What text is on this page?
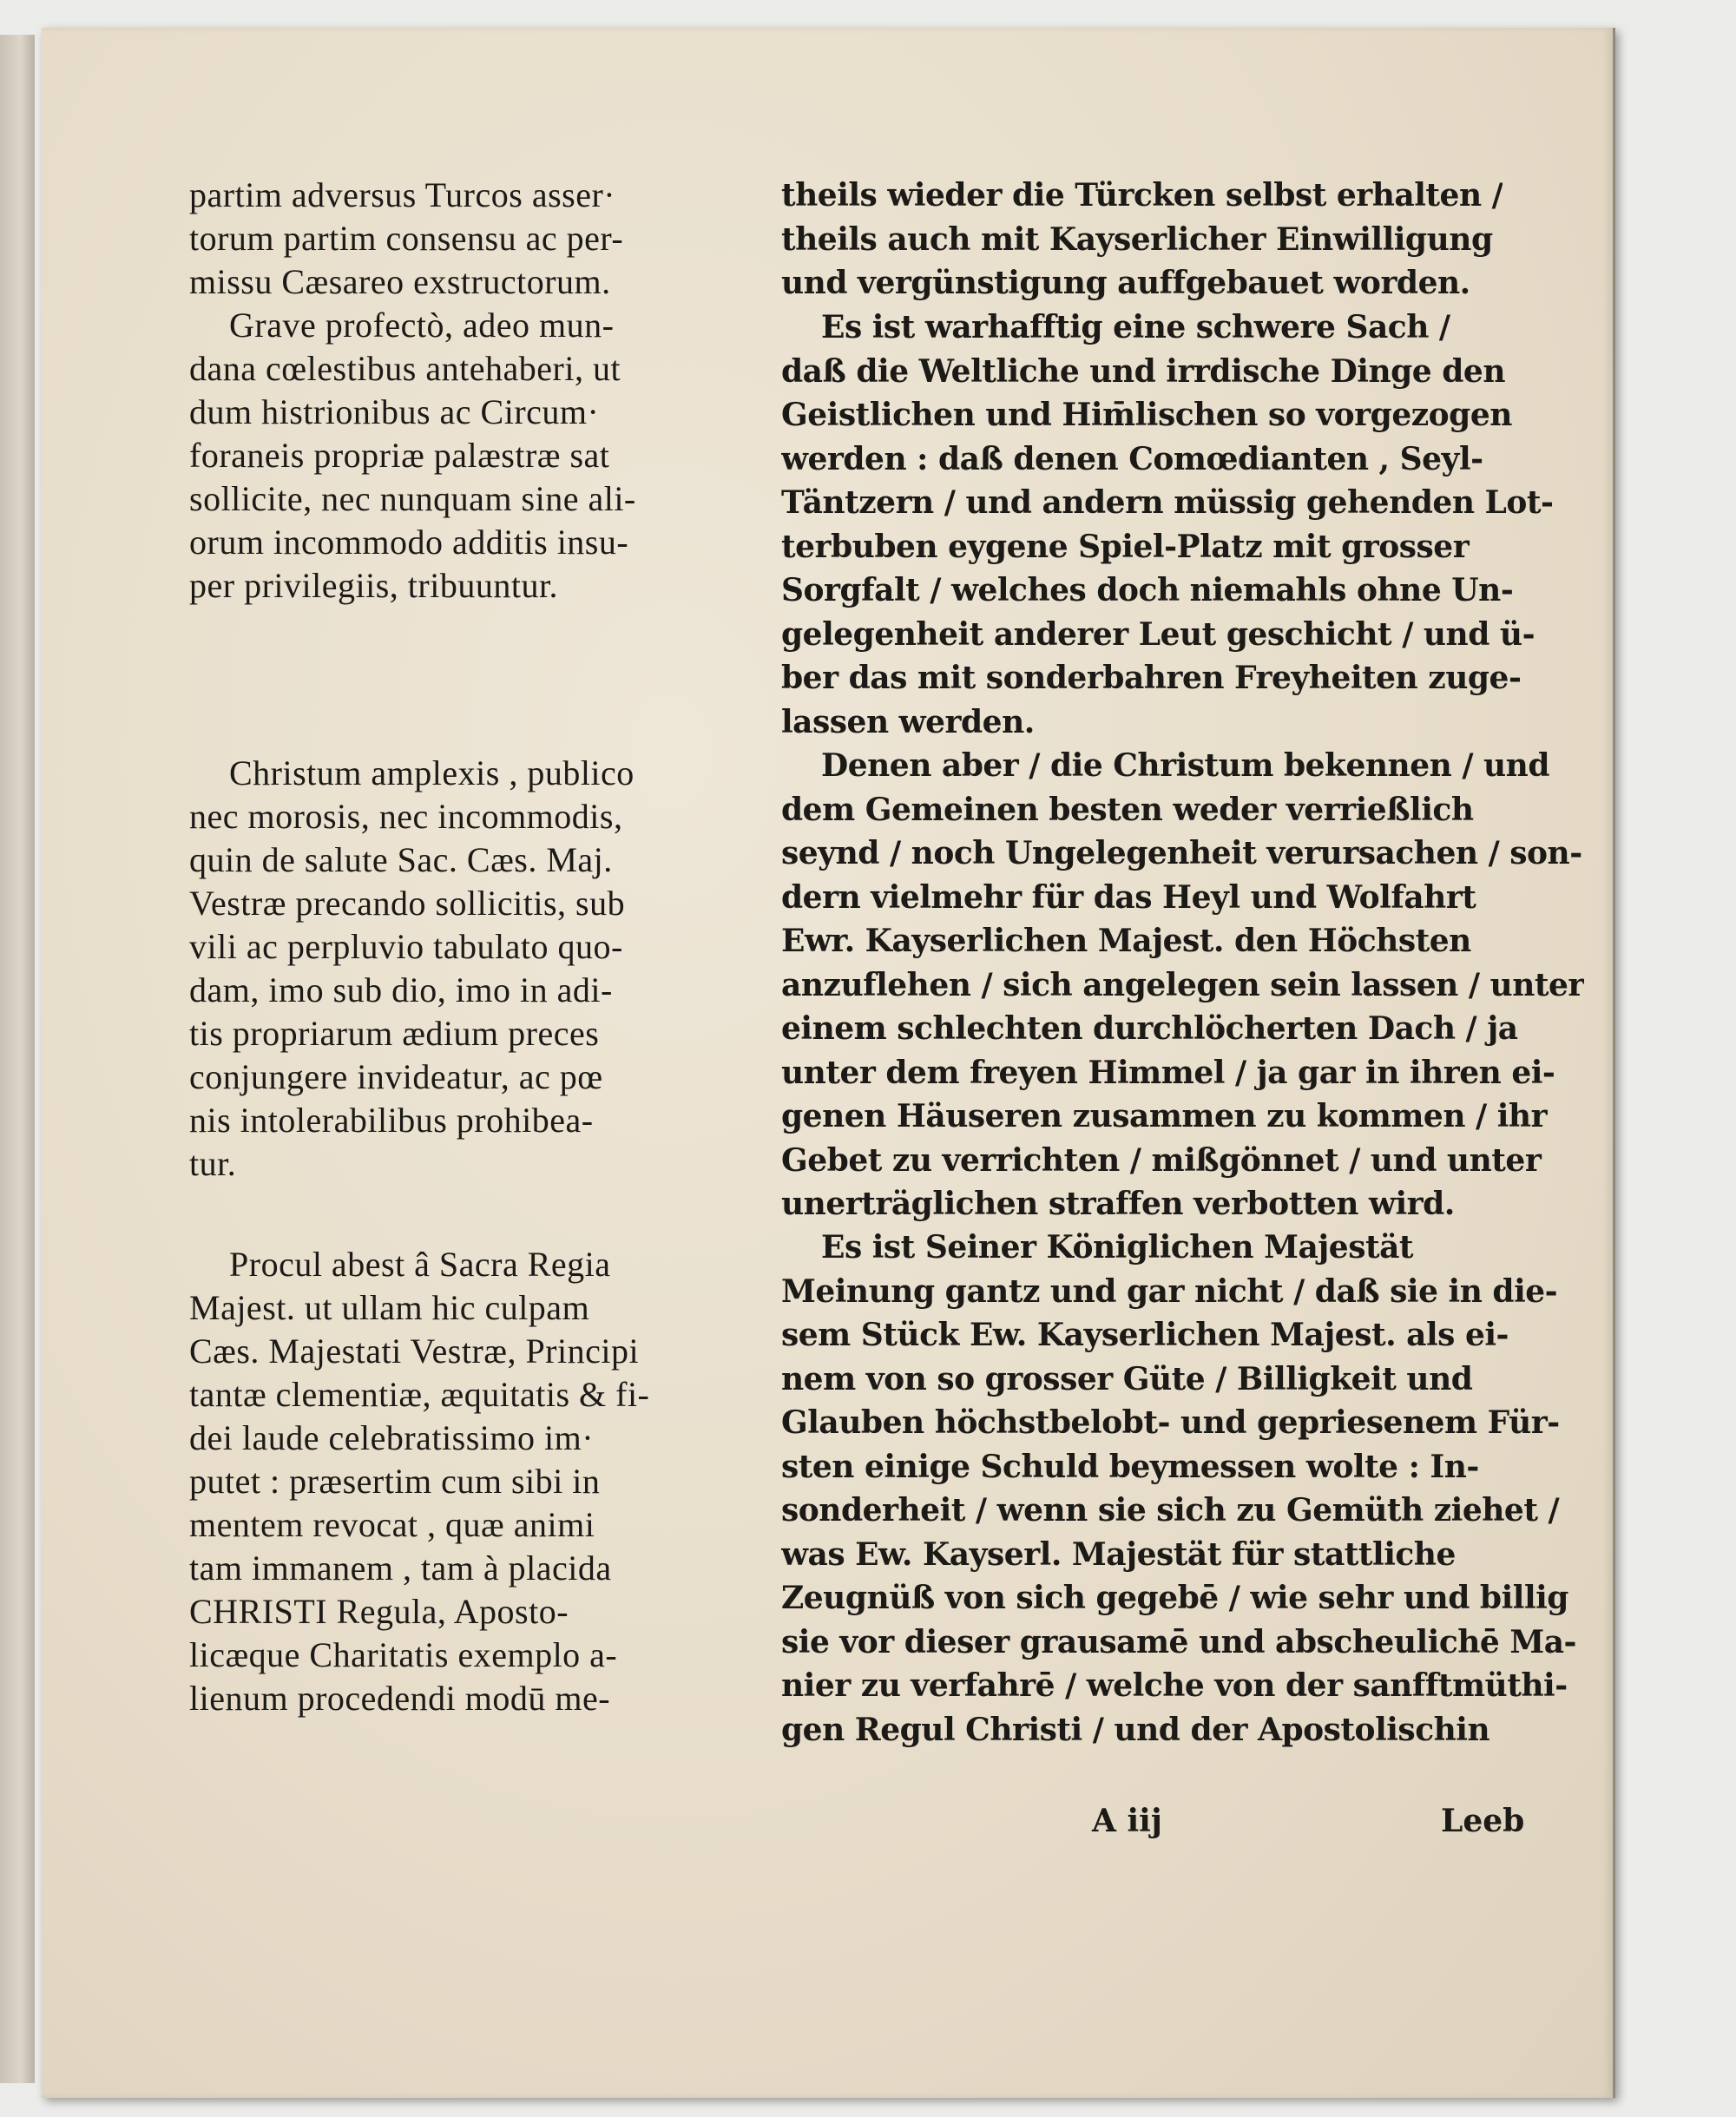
partim adversus Turcos asser·
torum partim consensu ac per-
missu Cæsareo exstructorum.
Grave profectò, adeo mun-
dana cœlestibus antehaberi, ut
dum histrionibus ac Circum·
foraneis propriæ palæstræ sat
sollicite, nec nunquam sine ali-
orum incommodo additis insu-
per privilegiis, tribuuntur.
Christum amplexis , publico
nec morosis, nec incommodis,
quin de salute Sac. Cæs. Maj.
Vestræ precando sollicitis, sub
vili ac perpluvio tabulato quo-
dam, imo sub dio, imo in adi-
tis propriarum ædium preces
conjungere invideatur, ac pœ
nis intolerabilibus prohibea-
tur.
Procul abest â Sacra Regia
Majest. ut ullam hic culpam
Cæs. Majestati Vestræ, Principi
tantæ clementiæ, æquitatis & fi-
dei laude celebratissimo im·
putet : præsertim cum sibi in
mentem revocat , quæ animi
tam immanem , tam à placida
CHRISTI Regula, Aposto-
licæque Charitatis exemplo a-
lienum procedendi modū me-
theils wieder die Türcken selbst erhalten /
theils auch mit Kayserlicher Einwilligung
und vergünstigung auffgebauet worden.
Es ist warhafftig eine schwere Sach /
daß die Weltliche und irrdische Dinge den
Geistlichen und Him̄lischen so vorgezogen
werden : daß denen Comœdianten , Seyl-
Täntzern / und andern müssig gehenden Lot-
terbuben eygene Spiel-Platz mit grosser
Sorgfalt / welches doch niemahls ohne Un-
gelegenheit anderer Leut geschicht / und ü-
ber das mit sonderbahren Freyheiten zuge-
lassen werden.
Denen aber / die Christum bekennen / und
dem Gemeinen besten weder verrießlich
seynd / noch Ungelegenheit verursachen / son-
dern vielmehr für das Heyl und Wolfahrt
Ewr. Kayserlichen Majest. den Höchsten
anzuflehen / sich angelegen sein lassen / unter
einem schlechten durchlöcherten Dach / ja
unter dem freyen Himmel / ja gar in ihren ei-
genen Häuseren zusammen zu kommen / ihr
Gebet zu verrichten / mißgönnet / und unter
unerträglichen straffen verbotten wird.
Es ist Seiner Königlichen Majestät
Meinung gantz und gar nicht / daß sie in die-
sem Stück Ew. Kayserlichen Majest. als ei-
nem von so grosser Güte / Billigkeit und
Glauben höchstbelobt- und gepriesenem Für-
sten einige Schuld beymessen wolte : In-
sonderheit / wenn sie sich zu Gemüth ziehet /
was Ew. Kayserl. Majestät für stattliche
Zeugnüß von sich gegebē / wie sehr und billig
sie vor dieser grausamē und abscheulichē Ma-
nier zu verfahrē / welche von der sanfftmüthi-
gen Regul Christi / und der Apostolischin
A iij	Leeb
